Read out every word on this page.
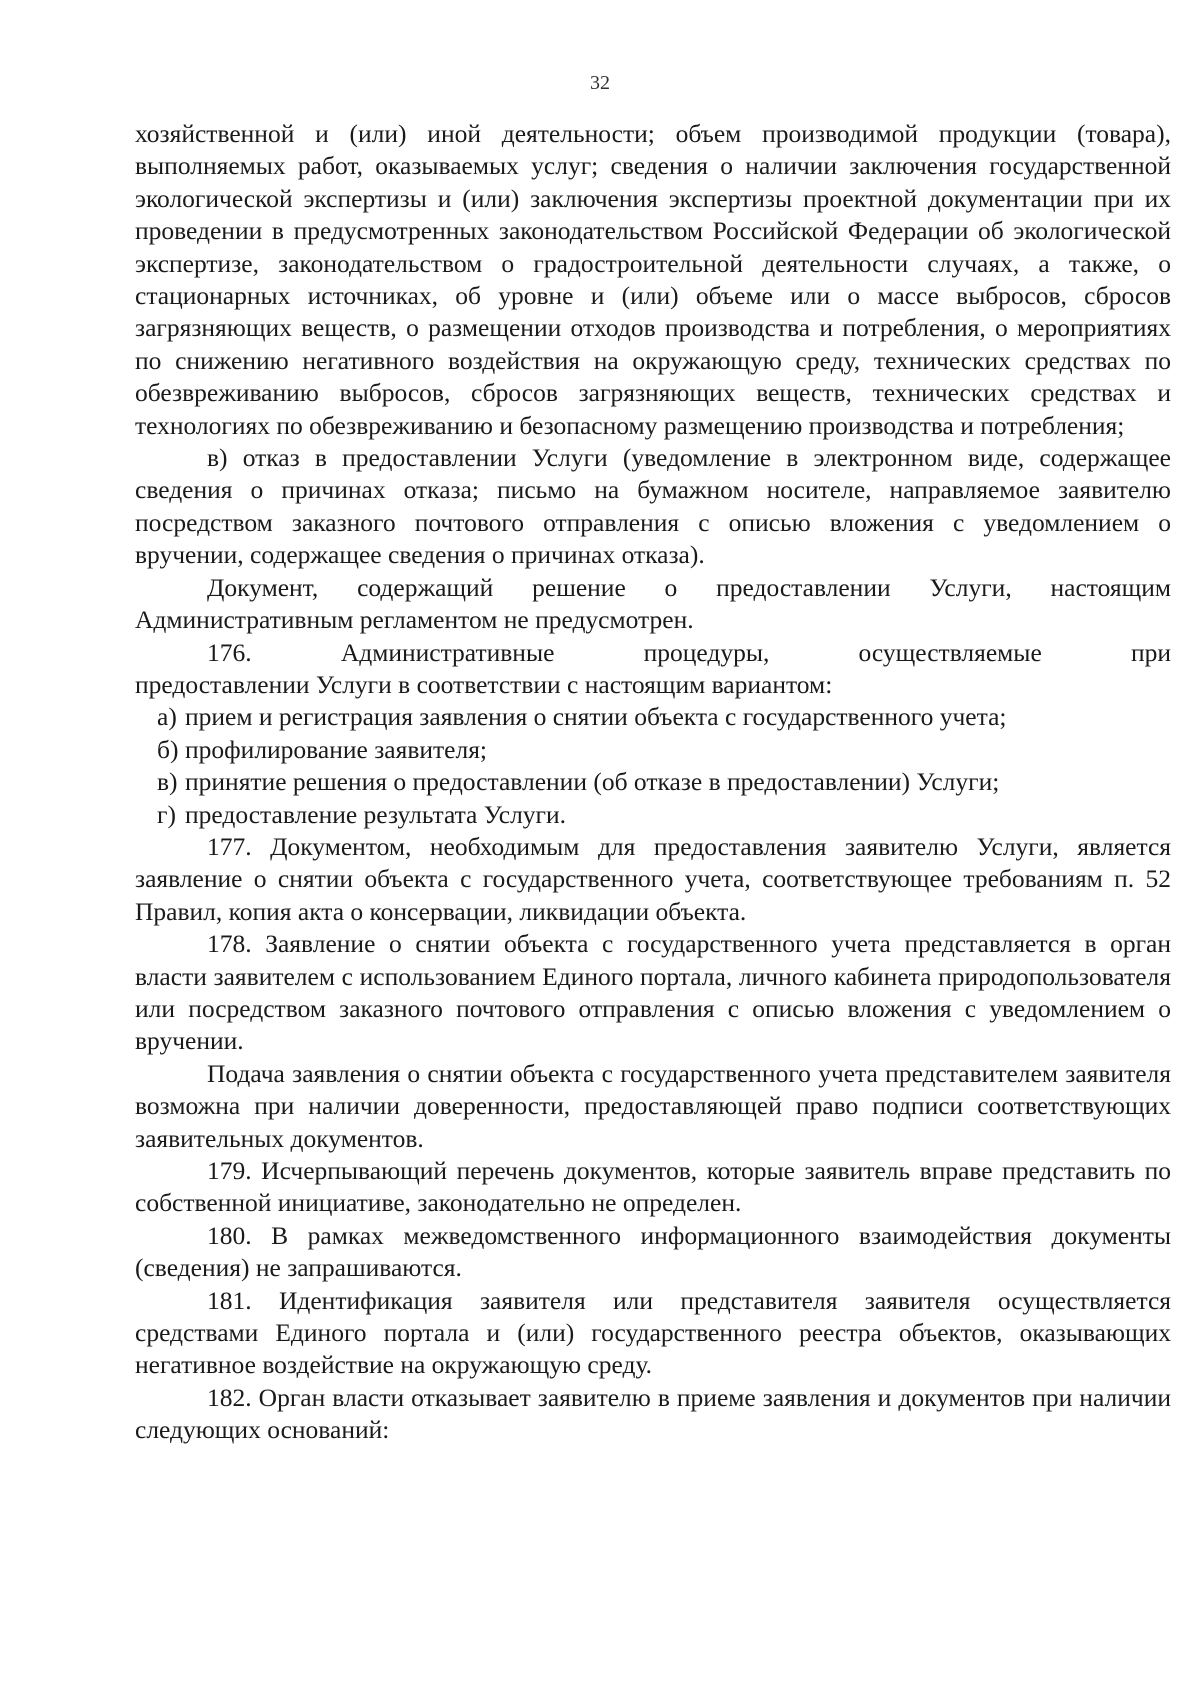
32

хозяйственной и (или) иной деятельности; объем производимой продукции (товара), выполняемых работ, оказываемых услуг; сведения о наличии заключения государственной экологической экспертизы и (или) заключения экспертизы проектной документации при их проведении в предусмотренных законодательством Российской Федерации об экологической экспертизе, законодательством о градостроительной деятельности случаях, а также, о стационарных источниках, об уровне и (или) объеме или о массе выбросов, сбросов загрязняющих веществ, о размещении отходов производства и потребления, о мероприятиях по снижению негативного воздействия на окружающую среду, технических средствах по обезвреживанию выбросов, сбросов загрязняющих веществ, технических средствах и технологиях по обезвреживанию и безопасному размещению производства и потребления;

в) отказ в предоставлении Услуги (уведомление в электронном виде, содержащее сведения о причинах отказа; письмо на бумажном носителе, направляемое заявителю посредством заказного почтового отправления с описью вложения с уведомлением о вручении, содержащее сведения о причинах отказа).

Документ, содержащий решение о предоставлении Услуги, настоящим Административным регламентом не предусмотрен.

176. Административные процедуры, осуществляемые при

предоставлении Услуги в соответствии с настоящим вариантом:

а) прием и регистрация заявления о снятии объекта с государственного учета;

б) профилирование заявителя;

в) принятие решения о предоставлении (об отказе в предоставлении) Услуги;

г) предоставление результата Услуги.

177. Документом, необходимым для предоставления заявителю Услуги, является заявление о снятии объекта с государственного учета, соответствующее требованиям п. 52 Правил, копия акта о консервации, ликвидации объекта.

178. Заявление о снятии объекта с государственного учета представляется в орган власти заявителем с использованием Единого портала, личного кабинета природопользователя или посредством заказного почтового отправления с описью вложения с уведомлением о вручении.

Подача заявления о снятии объекта с государственного учета представителем заявителя возможна при наличии доверенности, предоставляющей право подписи соответствующих заявительных документов.

179. Исчерпывающий перечень документов, которые заявитель вправе представить по собственной инициативе, законодательно не определен.

180. В рамках межведомственного информационного взаимодействия документы (сведения) не запрашиваются.

181. Идентификация заявителя или представителя заявителя осуществляется средствами Единого портала и (или) государственного реестра объектов, оказывающих негативное воздействие на окружающую среду.

182. Орган власти отказывает заявителю в приеме заявления и документов при наличии следующих оснований:
